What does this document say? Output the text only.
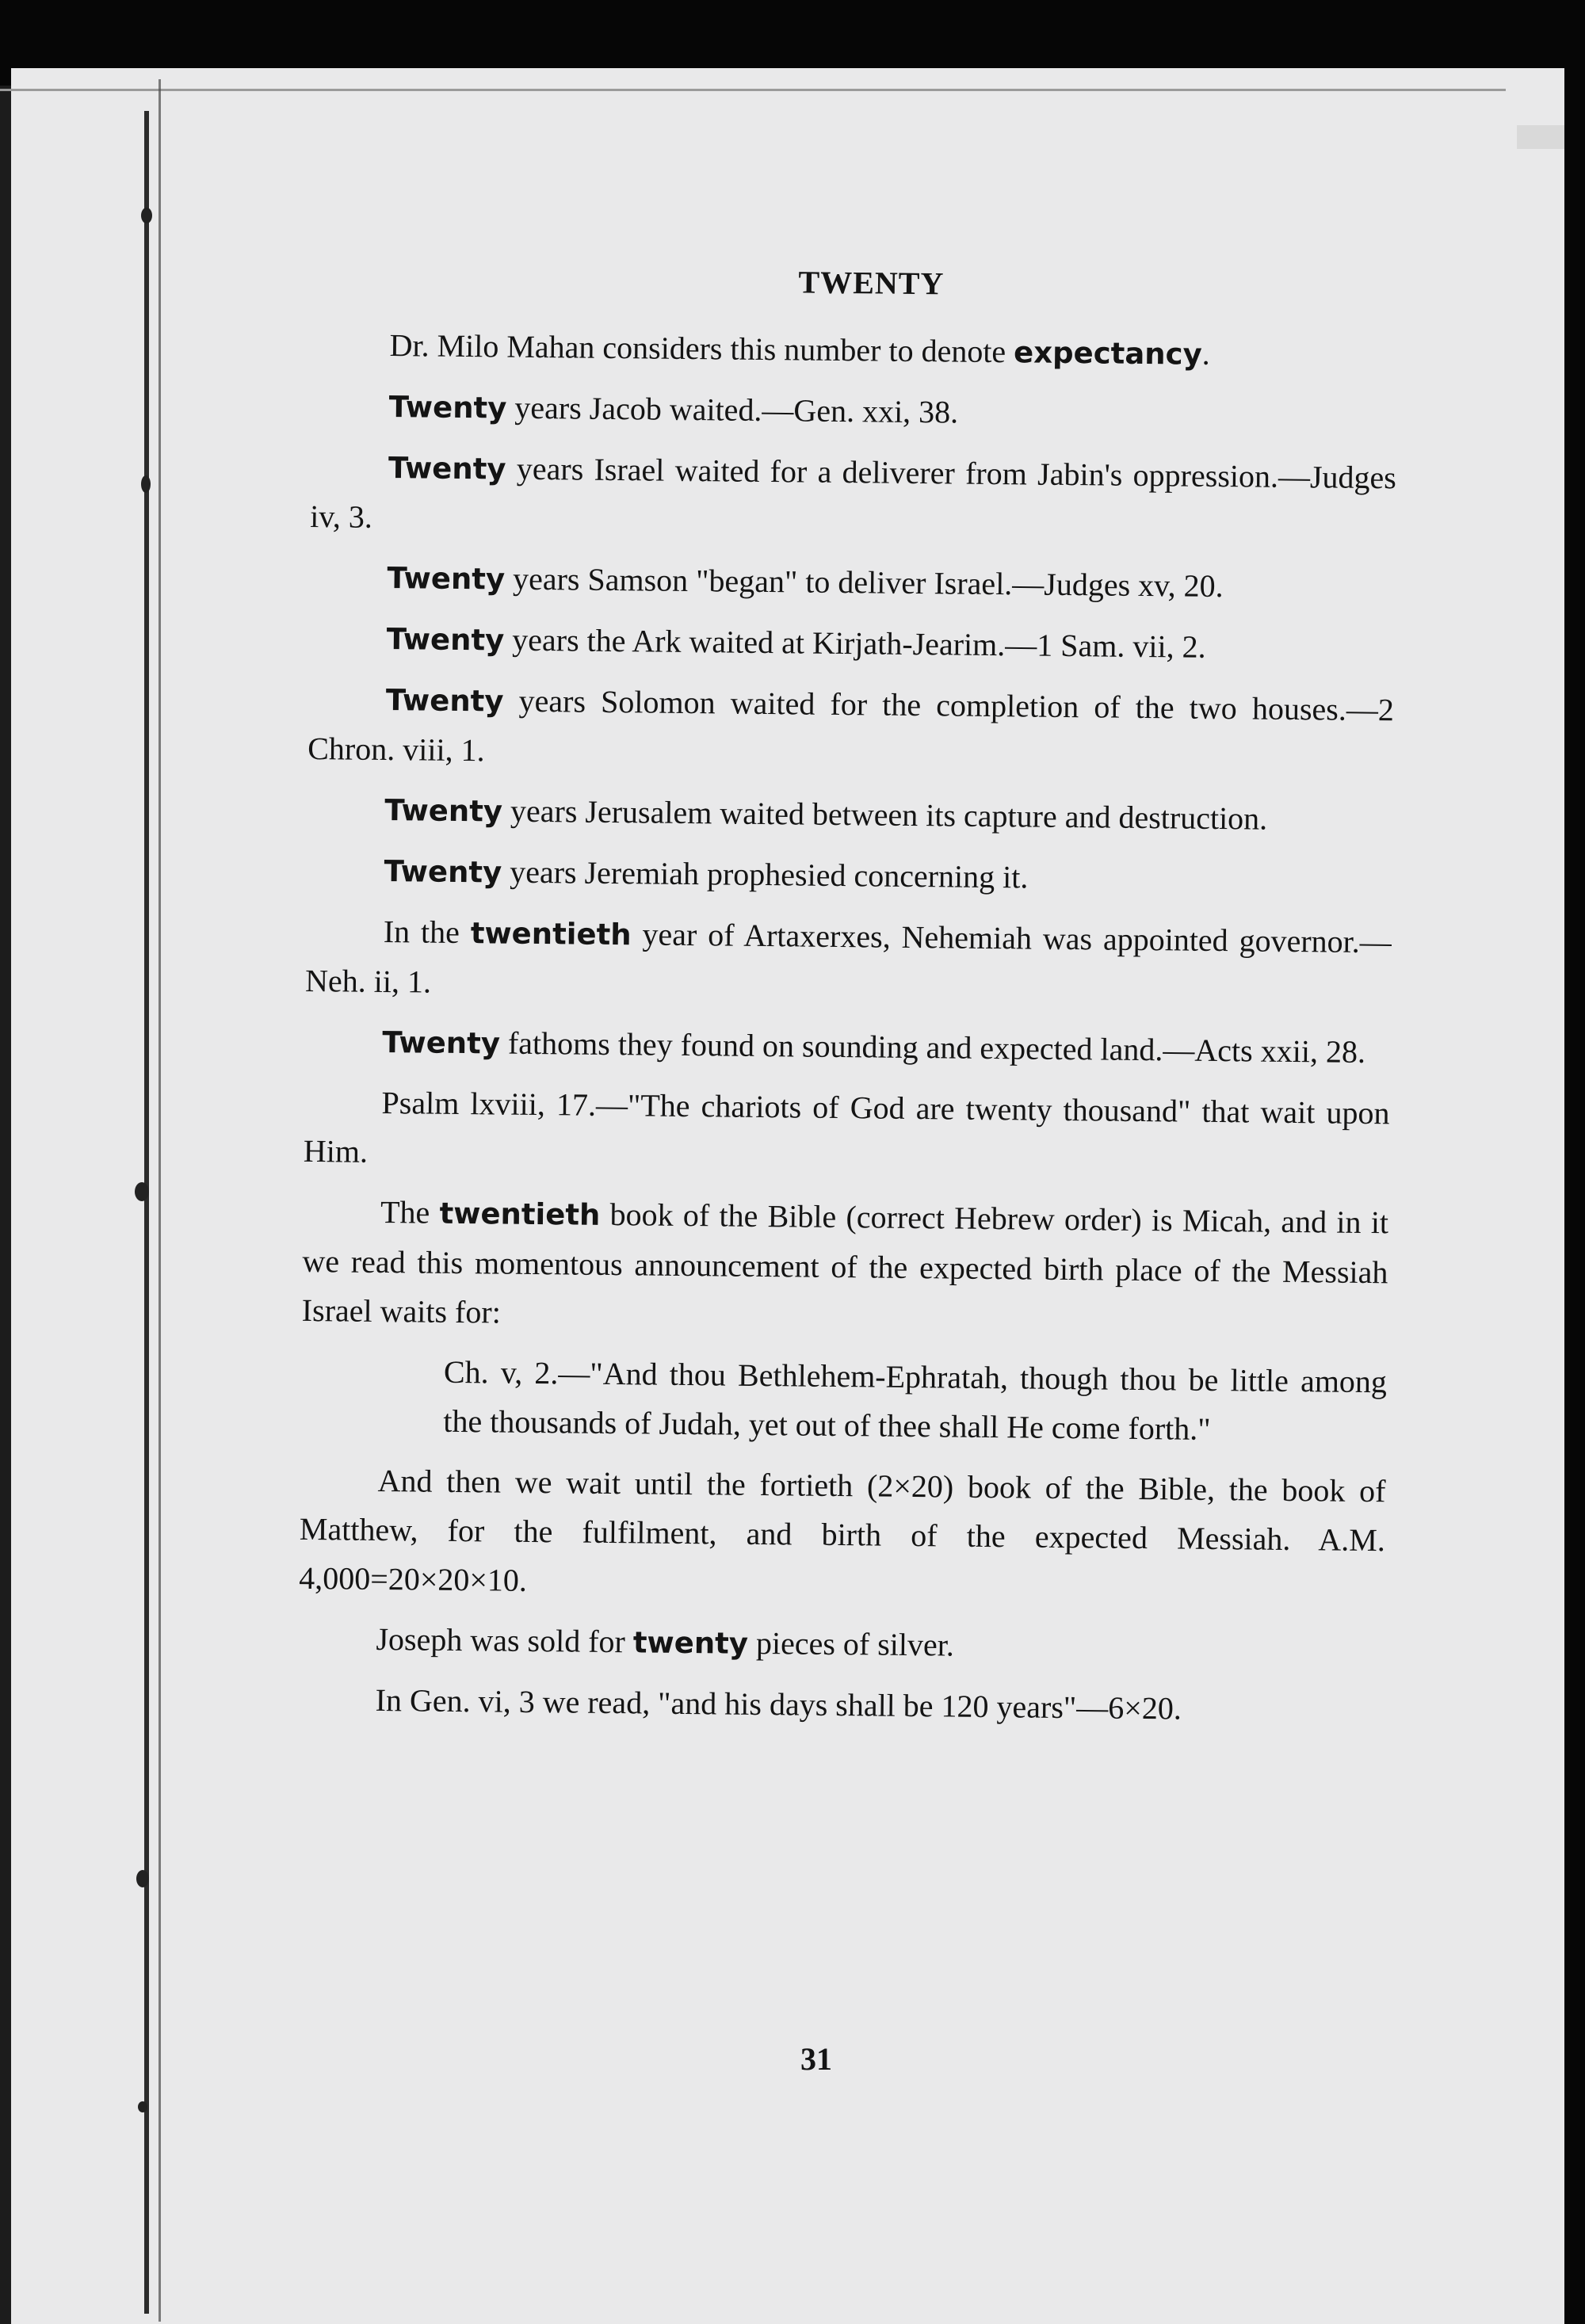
TWENTY
Dr. Milo Mahan considers this number to denote expectancy.
Twenty years Jacob waited.—Gen. xxi, 38.
Twenty years Israel waited for a deliverer from Jabin's oppression.—Judges iv, 3.
Twenty years Samson "began" to deliver Israel.—Judges xv, 20.
Twenty years the Ark waited at Kirjath-Jearim.—1 Sam. vii, 2.
Twenty years Solomon waited for the completion of the two houses.—2 Chron. viii, 1.
Twenty years Jerusalem waited between its capture and destruction.
Twenty years Jeremiah prophesied concerning it.
In the twentieth year of Artaxerxes, Nehemiah was appointed governor.—Neh. ii, 1.
Twenty fathoms they found on sounding and expected land.—Acts xxii, 28.
Psalm lxviii, 17.—"The chariots of God are twenty thousand" that wait upon Him.
The twentieth book of the Bible (correct Hebrew order) is Micah, and in it we read this momentous announcement of the expected birth place of the Messiah Israel waits for:
Ch. v, 2.—"And thou Bethlehem-Ephratah, though thou be little among the thousands of Judah, yet out of thee shall He come forth."
And then we wait until the fortieth (2×20) book of the Bible, the book of Matthew, for the fulfilment, and birth of the expected Messiah. A.M. 4,000=20×20×10.
Joseph was sold for twenty pieces of silver.
In Gen. vi, 3 we read, "and his days shall be 120 years"—6×20.
31
